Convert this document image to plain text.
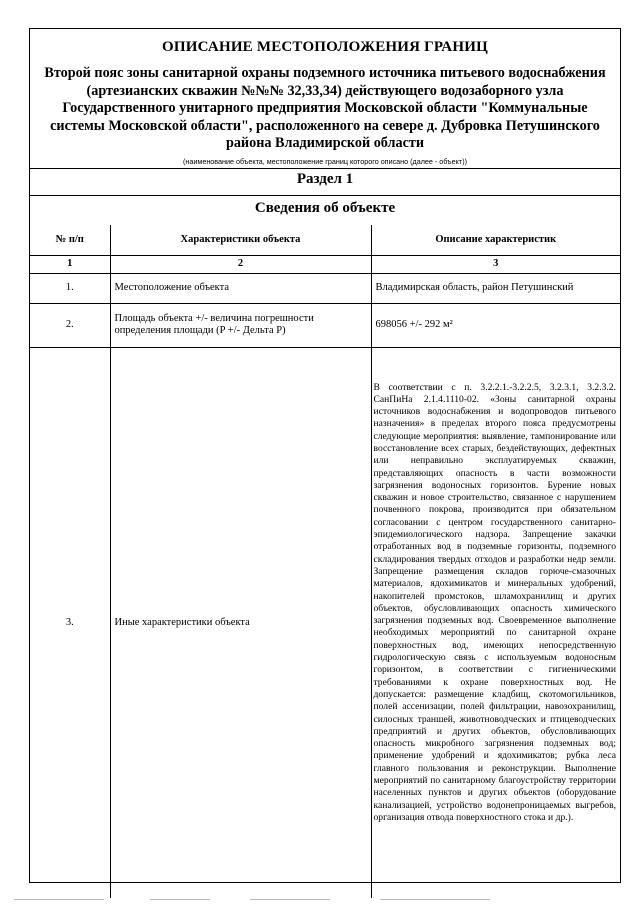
ОПИСАНИЕ МЕСТОПОЛОЖЕНИЯ ГРАНИЦ
Второй пояс зоны санитарной охраны подземного источника питьевого водоснабжения (артезианских скважин №№№ 32,33,34) действующего водозаборного узла Государственного унитарного предприятия Московской области "Коммунальные системы Московской области", расположенного на севере д. Дубровка Петушинского района Владимирской области
(наименование объекта, местоположение границ которого описано (далее - объект))
Раздел 1
Сведения об объекте
№ п/п	Характеристики объекта	Описание характеристик
1	2	3
1.	Местоположение объекта	Владимирская область, район Петушинский
2.	Площадь объекта +/- величина погрешности определения площади (P +/- Дельта P)	698056 +/- 292 м²
3.	Иные характеристики объекта	В соответствии с п. 3.2.2.1.-3.2.2.5, 3.2.3.1, 3.2.3.2. СанПиНа 2.1.4.1110-02. «Зоны санитарной охраны источников водоснабжения и водопроводов питьевого назначения» в пределах второго пояса предусмотрены следующие мероприятия: выявление, тампонирование или восстановление всех старых, бездействующих, дефектных или неправильно эксплуатируемых скважин, представляющих опасность в части возможности загрязнения водоносных горизонтов. Бурение новых скважин и новое строительство, связанное с нарушением почвенного покрова, производится при обязательном согласовании с центром государственного санитарно-эпидемиологического надзора. Запрещение закачки отработанных вод в подземные горизонты, подземного складирования твердых отходов и разработки недр земли. Запрещение размещения складов горюче-смазочных материалов, ядохимикатов и минеральных удобрений, накопителей промстоков, шламохранилищ и других объектов, обусловливающих опасность химического загрязнения подземных вод. Своевременное выполнение необходимых мероприятий по санитарной охране поверхностных вод, имеющих непосредственную гидрологическую связь с используемым водоносным горизонтом, в соответствии с гигиеническими требованиями к охране поверхностных вод. Не допускается: размещение кладбищ, скотомогильников, полей ассенизации, полей фильтрации, навозохранилищ, силосных траншей, животноводческих и птицеводческих предприятий и других объектов, обусловливающих опасность микробного загрязнения подземных вод; применение удобрений и ядохимикатов; рубка леса главного пользования и реконструкции. Выполнение мероприятий по санитарному благоустройству территории населенных пунктов и других объектов (оборудование канализацией, устройство водонепроницаемых выгребов, организация отвода поверхностного стока и др.).
